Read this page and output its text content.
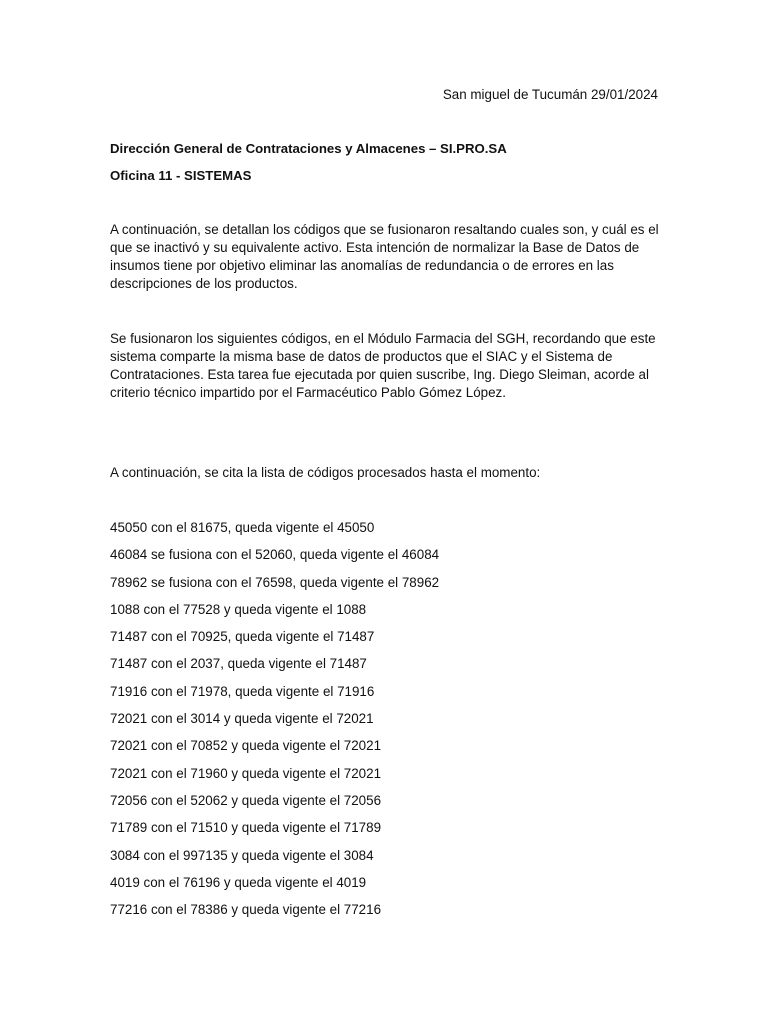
San miguel de Tucumán 29/01/2024
Dirección General de Contrataciones y Almacenes – SI.PRO.SA
Oficina 11 - SISTEMAS

A continuación, se detallan los códigos que se fusionaron resaltando cuales son, y cuál es el que se inactivó y su equivalente activo. Esta intención de normalizar la Base de Datos de insumos tiene por objetivo eliminar las anomalías de redundancia o de errores en las descripciones de los productos.

Se fusionaron los siguientes códigos, en el Módulo Farmacia del SGH, recordando que este sistema comparte la misma base de datos de productos que el SIAC y el Sistema de Contrataciones. Esta tarea fue ejecutada por quien suscribe, Ing. Diego Sleiman, acorde al criterio técnico impartido por el Farmacéutico Pablo Gómez López.

A continuación, se cita la lista de códigos procesados hasta el momento:

45050 con el 81675, queda vigente el 45050
46084 se fusiona con el 52060, queda vigente el 46084
78962 se fusiona con el 76598, queda vigente el 78962
1088 con el 77528 y queda vigente el 1088
71487 con el 70925, queda vigente el 71487
71487 con el 2037, queda vigente el 71487
71916 con el 71978, queda vigente el 71916
72021 con el 3014 y queda vigente el 72021
72021 con el 70852 y queda vigente el 72021
72021 con el 71960 y queda vigente el 72021
72056 con el 52062 y queda vigente el 72056
71789 con el 71510 y queda vigente el 71789
3084 con el 997135 y queda vigente el 3084
4019 con el 76196 y queda vigente el 4019
77216 con el 78386 y queda vigente el 77216
